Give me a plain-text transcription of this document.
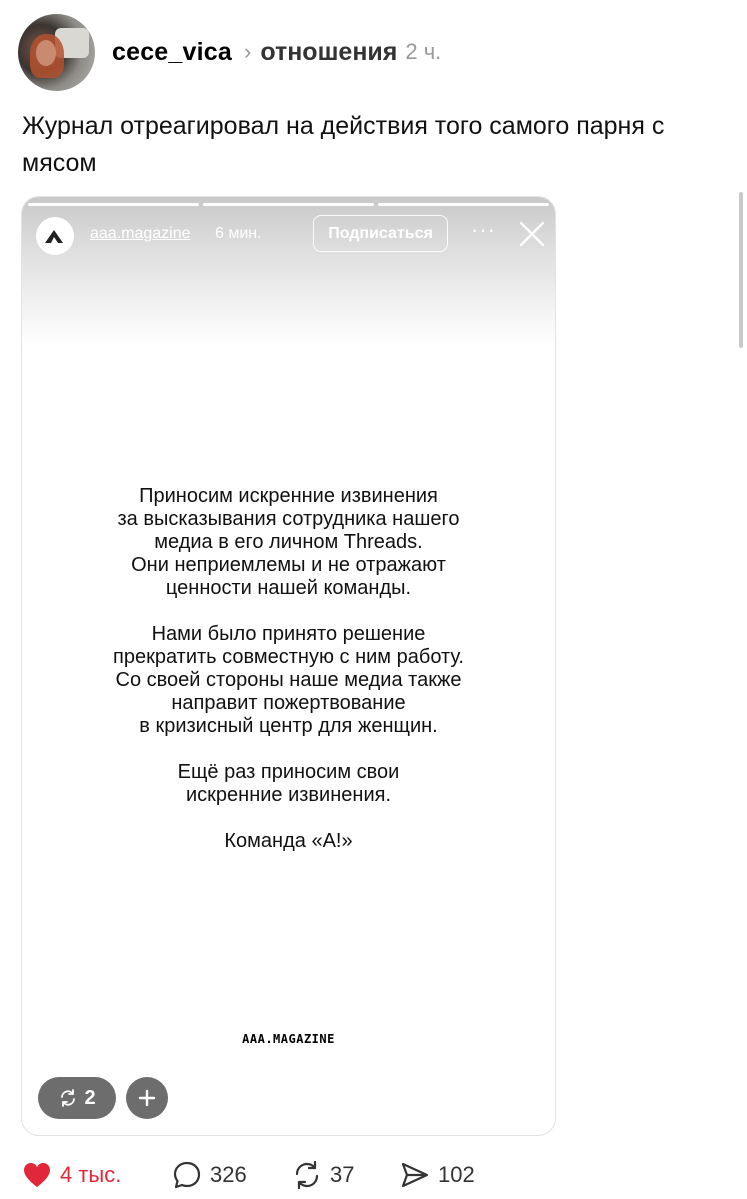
cece_vica › отношения 2 ч.
Журнал отреагировал на действия того самого парня с мясом
aaa.magazine 6 мин.	Подписаться	···

Приносим искренние извинения
за высказывания сотрудника нашего
медиа в его личном Threads.
Они неприемлемы и не отражают
ценности нашей команды.

Нами было принято решение
прекратить совместную с ним работу.
Со своей стороны наше медиа также
направит пожертвование
в кризисный центр для женщин.

Ещё раз приносим свои
искренние извинения.

Команда «А!»

AAA.MAGAZINE
2
4 тыс.	326	37	102
